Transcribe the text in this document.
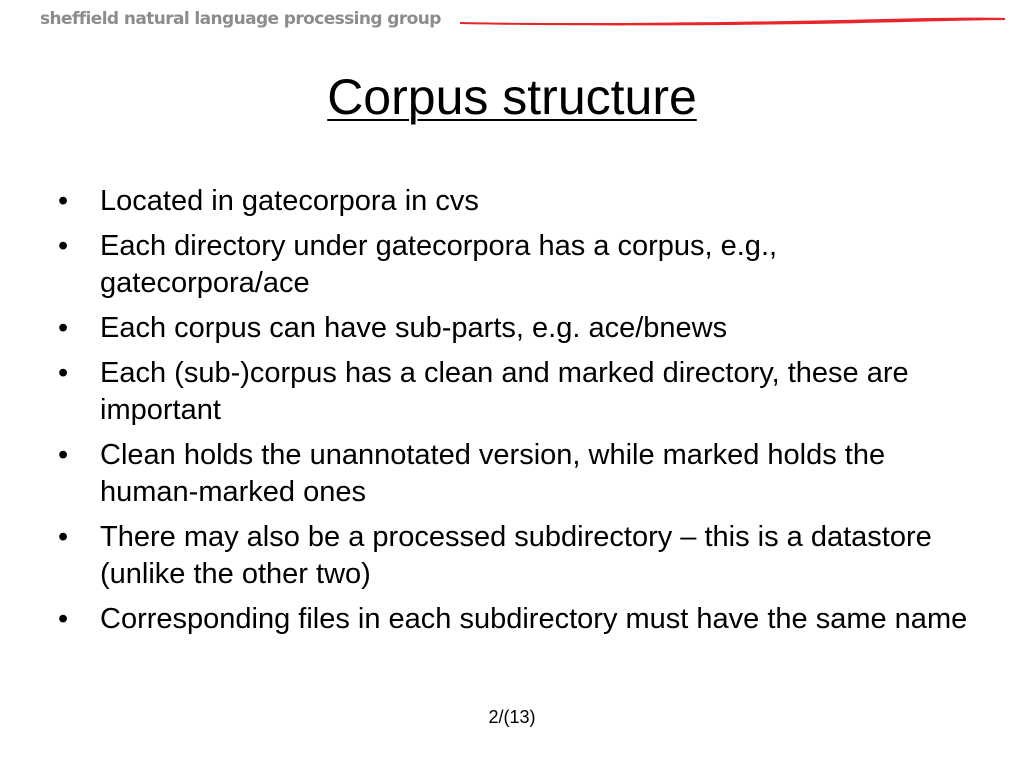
sheffield natural language processing group
Corpus structure
• Located in gatecorpora in cvs
• Each directory under gatecorpora has a corpus, e.g., gatecorpora/ace
• Each corpus can have sub-parts, e.g. ace/bnews
• Each (sub-)corpus has a clean and marked directory, these are important
• Clean holds the unannotated version, while marked holds the human-marked ones
• There may also be a processed subdirectory – this is a datastore (unlike the other two)
• Corresponding files in each subdirectory must have the same name
2/(13)
